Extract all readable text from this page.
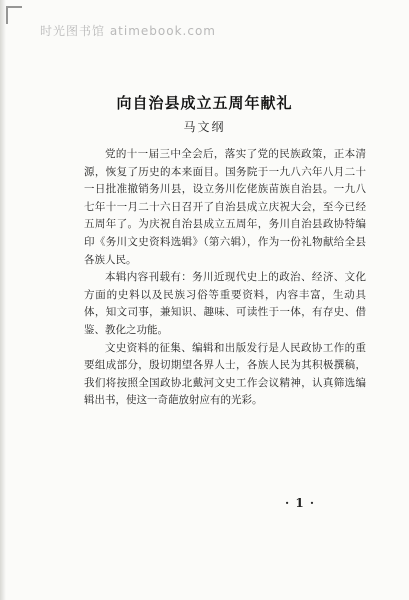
时光图书馆 atimebook.com
向自治县成立五周年献礼
马文纲

党的十一届三中全会后，落实了党的民族政策，正本清源，恢复了历史的本来面目。国务院于一九八六年八月二十一日批准撤销务川县，设立务川仡佬族苗族自治县。一九八七年十一月二十六日召开了自治县成立庆祝大会，至今已经五周年了。为庆祝自治县成立五周年，务川自治县政协特编印《务川文史资料选辑》（第六辑），作为一份礼物献给全县各族人民。

本辑内容刊载有：务川近现代史上的政治、经济、文化方面的史料以及民族习俗等重要资料，内容丰富，生动具体，知文司事，兼知识、趣味、可读性于一体，有存史、借鉴、教化之功能。

文史资料的征集、编辑和出版发行是人民政协工作的重要组成部分，殷切期望各界人士，各族人民为其积极撰稿，我们将按照全国政协北戴河文史工作会议精神，认真筛选编辑出书，使这一奇葩放射应有的光彩。

· 1 ·
